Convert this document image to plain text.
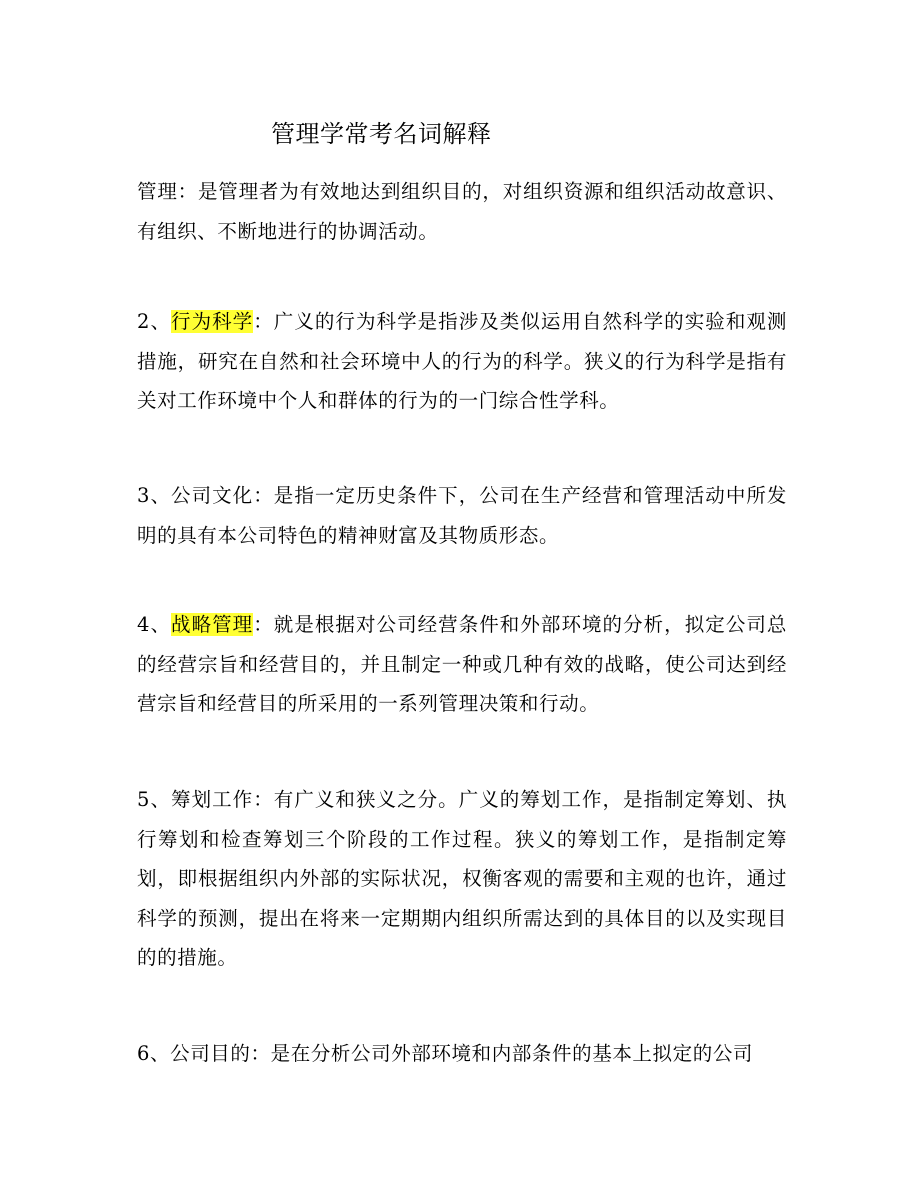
管理学常考名词解释

管理：是管理者为有效地达到组织目的，对组织资源和组织活动故意识、有组织、不断地进行的协调活动。

2、行为科学：广义的行为科学是指涉及类似运用自然科学的实验和观测措施，研究在自然和社会环境中人的行为的科学。狭义的行为科学是指有关对工作环境中个人和群体的行为的一门综合性学科。

3、公司文化：是指一定历史条件下，公司在生产经营和管理活动中所发明的具有本公司特色的精神财富及其物质形态。

4、战略管理：就是根据对公司经营条件和外部环境的分析，拟定公司总的经营宗旨和经营目的，并且制定一种或几种有效的战略，使公司达到经营宗旨和经营目的所采用的一系列管理决策和行动。

5、筹划工作：有广义和狭义之分。广义的筹划工作，是指制定筹划、执行筹划和检查筹划三个阶段的工作过程。狭义的筹划工作，是指制定筹划，即根据组织内外部的实际状况，权衡客观的需要和主观的也许，通过科学的预测，提出在将来一定期期内组织所需达到的具体目的以及实现目的的措施。

6、公司目的：是在分析公司外部环境和内部条件的基本上拟定的公司
